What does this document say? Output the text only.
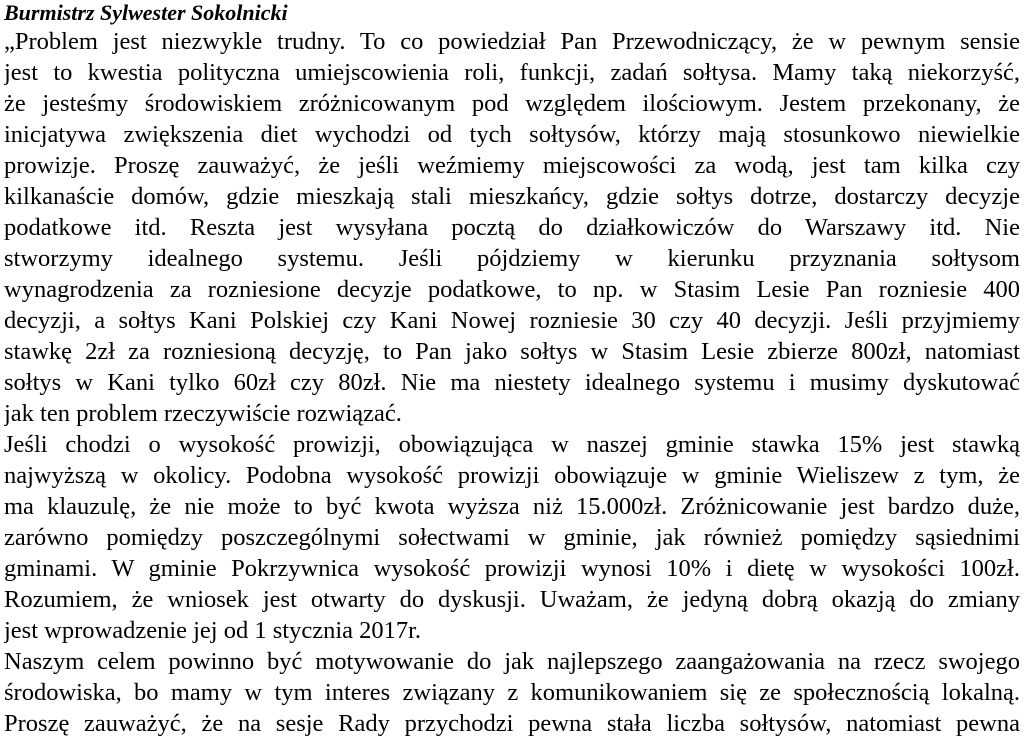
Burmistrz Sylwester Sokolnicki

„Problem jest niezwykle trudny. To co powiedział Pan Przewodniczący, że w pewnym sensie

jest to kwestia polityczna umiejscowienia roli, funkcji, zadań sołtysa. Mamy taką niekorzyść,

że jesteśmy środowiskiem zróżnicowanym pod względem ilościowym. Jestem przekonany, że

inicjatywa zwiększenia diet wychodzi od tych sołtysów, którzy mają stosunkowo niewielkie

prowizje. Proszę zauważyć, że jeśli weźmiemy miejscowości za wodą, jest tam kilka czy

kilkanaście domów, gdzie mieszkają stali mieszkańcy, gdzie sołtys dotrze, dostarczy decyzje

podatkowe itd. Reszta jest wysyłana pocztą do działkowiczów do Warszawy itd. Nie

stworzymy idealnego systemu. Jeśli pójdziemy w kierunku przyznania sołtysom

wynagrodzenia za rozniesione decyzje podatkowe, to np. w Stasim Lesie Pan rozniesie 400

decyzji, a sołtys Kani Polskiej czy Kani Nowej rozniesie 30 czy 40 decyzji. Jeśli przyjmiemy

stawkę 2zł za rozniesioną decyzję, to Pan jako sołtys w Stasim Lesie zbierze 800zł, natomiast

sołtys w Kani tylko 60zł czy 80zł. Nie ma niestety idealnego systemu i musimy dyskutować

jak ten problem rzeczywiście rozwiązać.

Jeśli chodzi o wysokość prowizji, obowiązująca w naszej gminie stawka 15% jest stawką

najwyższą w okolicy. Podobna wysokość prowizji obowiązuje w gminie Wieliszew z tym, że

ma klauzulę, że nie może to być kwota wyższa niż 15.000zł. Zróżnicowanie jest bardzo duże,

zarówno pomiędzy poszczególnymi sołectwami w gminie, jak również pomiędzy sąsiednimi

gminami. W gminie Pokrzywnica wysokość prowizji wynosi 10% i dietę w wysokości 100zł.

Rozumiem, że wniosek jest otwarty do dyskusji. Uważam, że jedyną dobrą okazją do zmiany

jest wprowadzenie jej od 1 stycznia 2017r.

Naszym celem powinno być motywowanie do jak najlepszego zaangażowania na rzecz swojego

środowiska, bo mamy w tym interes związany z komunikowaniem się ze społecznością lokalną.

Proszę zauważyć, że na sesje Rady przychodzi pewna stała liczba sołtysów, natomiast pewna
